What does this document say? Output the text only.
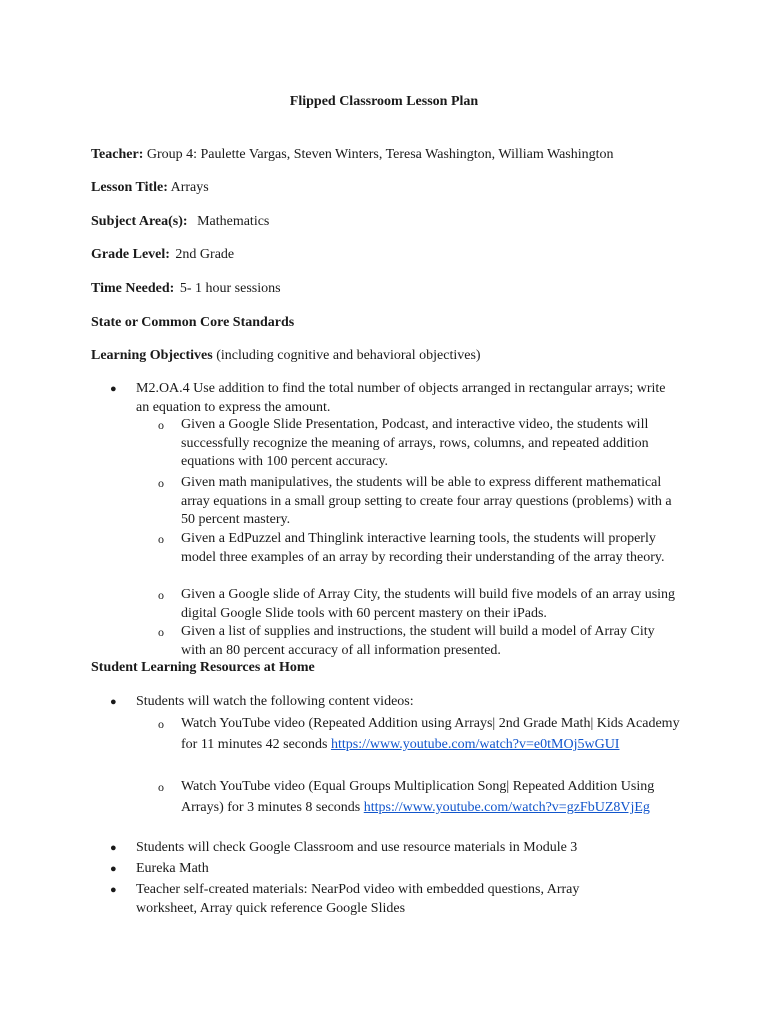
Flipped Classroom Lesson Plan
Teacher: Group 4: Paulette Vargas, Steven Winters, Teresa Washington, William Washington
Lesson Title: Arrays
Subject Area(s): Mathematics
Grade Level: 2nd Grade
Time Needed: 5- 1 hour sessions
State or Common Core Standards
Learning Objectives (including cognitive and behavioral objectives)
● M2.OA.4 Use addition to find the total number of objects arranged in rectangular arrays; write an equation to express the amount.
o Given a Google Slide Presentation, Podcast, and interactive video, the students will successfully recognize the meaning of arrays, rows, columns, and repeated addition equations with 100 percent accuracy.
o Given math manipulatives, the students will be able to express different mathematical array equations in a small group setting to create four array questions (problems) with a 50 percent mastery.
o Given a EdPuzzel and Thinglink interactive learning tools, the students will properly model three examples of an array by recording their understanding of the array theory.
o Given a Google slide of Array City, the students will build five models of an array using digital Google Slide tools with 60 percent mastery on their iPads.
o Given a list of supplies and instructions, the student will build a model of Array City with an 80 percent accuracy of all information presented.
Student Learning Resources at Home
● Students will watch the following content videos:
o Watch YouTube video (Repeated Addition using Arrays| 2nd Grade Math| Kids Academy for 11 minutes 42 seconds https://www.youtube.com/watch?v=e0tMOj5wGUI
o Watch YouTube video (Equal Groups Multiplication Song| Repeated Addition Using Arrays) for 3 minutes 8 seconds https://www.youtube.com/watch?v=gzFbUZ8VjEg
● Students will check Google Classroom and use resource materials in Module 3
● Eureka Math
● Teacher self-created materials: NearPod video with embedded questions, Array worksheet, Array quick reference Google Slides
